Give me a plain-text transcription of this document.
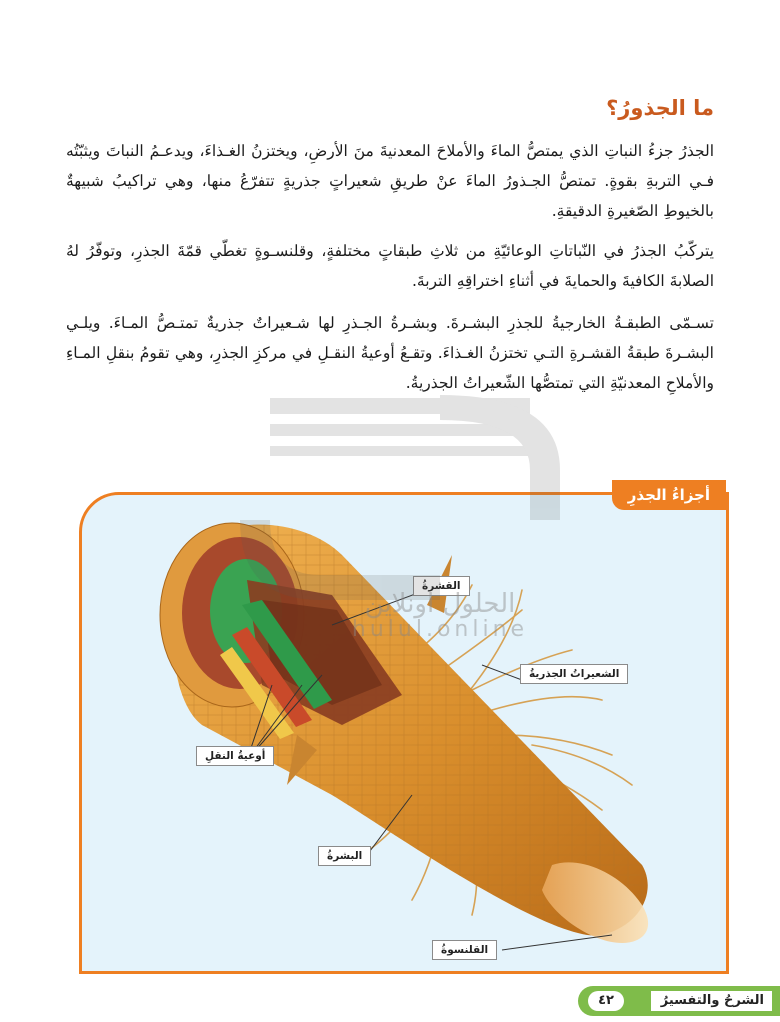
ما الجذورُ؟

الجذرُ جزءُ النباتِ الذي يمتصُّ الماءَ والأملاحَ المعدنيةَ منَ الأرضِ، ويختزنُ الغـذاءَ، ويدعـمُ النباتَ ويثبّتُه فـي التربةِ بقوةٍ. تمتصُّ الجـذورُ الماءَ عنْ طريقِ شعيراتٍ جذريةٍ تتفرّعُ منها، وهي تراكيبُ شبيهةٌ بالخيوطِ الصّغيرةِ الدقيقةِ.

يتركّبُ الجذرُ في النّباتاتِ الوعائيّةِ من ثلاثِ طبقاتٍ مختلفةٍ، وقلنسـوةٍ تغطّي قمّةَ الجذرِ، وتوفّرُ لهُ الصلابةَ الكافيةَ والحمايةَ في أثناءِ اختراقِهِ التربةَ.

تسـمّى الطبقـةُ الخارجيةُ للجذرِ البشـرةَ. وبشـرةُ الجـذرِ لها شـعيراتٌ جذريةٌ تمتـصُّ المـاءَ. ويلـي البشـرةَ طبقةُ القشـرةِ التـي تختزنُ الغـذاءَ. وتقـعُ أوعيةُ النقـلِ في مركزِ الجذرِ، وهي تقومُ بنقلِ المـاءِ والأملاحِ المعدنيّةِ التي تمتصُّها الشّعيراتُ الجذريةُ.

أجزاءُ الجذرِ
القشرةُ
الشعيراتُ الجذريةُ
أوعيةُ النقلِ
البشرةُ
القلنسوةُ
الحلول اونلاين
hulul.online
الشرحُ والتفسيرُ
٤٢
